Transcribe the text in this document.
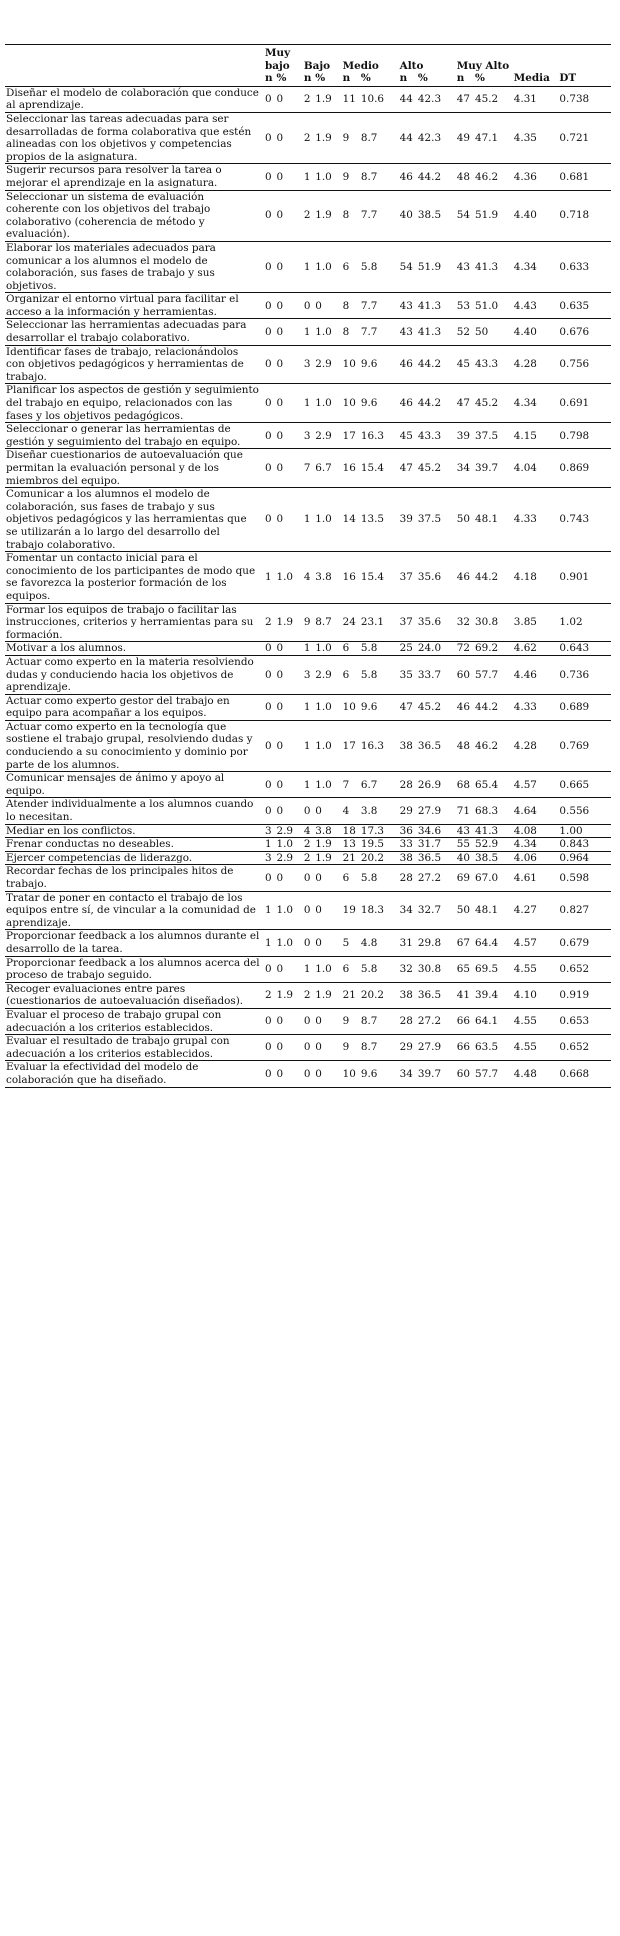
	Muy bajo		Bajo		Medio		Alto		Muy Alto			
	n	%	n	%	n	%	n	%	n	%	Media	DT
Diseñar el modelo de colaboración que conduce al aprendizaje.	0	0	2	1.9	11	10.6	44	42.3	47	45.2	4.31	0.738
Seleccionar las tareas adecuadas para ser desarrolladas de forma colaborativa que estén alineadas con los objetivos y competencias propios de la asignatura.	0	0	2	1.9	9	8.7	44	42.3	49	47.1	4.35	0.721
Sugerir recursos para resolver la tarea o mejorar el aprendizaje en la asignatura.	0	0	1	1.0	9	8.7	46	44.2	48	46.2	4.36	0.681
Seleccionar un sistema de evaluación coherente con los objetivos del trabajo colaborativo (coherencia de método y evaluación).	0	0	2	1.9	8	7.7	40	38.5	54	51.9	4.40	0.718
Elaborar los materiales adecuados para comunicar a los alumnos el modelo de colaboración, sus fases de trabajo y sus objetivos.	0	0	1	1.0	6	5.8	54	51.9	43	41.3	4.34	0.633
Organizar el entorno virtual para facilitar el acceso a la información y herramientas.	0	0	0	0	8	7.7	43	41.3	53	51.0	4.43	0.635
Seleccionar las herramientas adecuadas para desarrollar el trabajo colaborativo.	0	0	1	1.0	8	7.7	43	41.3	52	50	4.40	0.676
Identificar fases de trabajo, relacionándolos con objetivos pedagógicos y herramientas de trabajo.	0	0	3	2.9	10	9.6	46	44.2	45	43.3	4.28	0.756
Planificar los aspectos de gestión y seguimiento del trabajo en equipo, relacionados con las fases y los objetivos pedagógicos.	0	0	1	1.0	10	9.6	46	44.2	47	45.2	4.34	0.691
Seleccionar o generar las herramientas de gestión y seguimiento del trabajo en equipo.	0	0	3	2.9	17	16.3	45	43.3	39	37.5	4.15	0.798
Diseñar cuestionarios de autoevaluación que permitan la evaluación personal y de los miembros del equipo.	0	0	7	6.7	16	15.4	47	45.2	34	39.7	4.04	0.869
Comunicar a los alumnos el modelo de colaboración, sus fases de trabajo y sus objetivos pedagógicos y las herramientas que se utilizarán a lo largo del desarrollo del trabajo colaborativo.	0	0	1	1.0	14	13.5	39	37.5	50	48.1	4.33	0.743
Fomentar un contacto inicial para el conocimiento de los participantes de modo que se favorezca la posterior formación de los equipos.	1	1.0	4	3.8	16	15.4	37	35.6	46	44.2	4.18	0.901
Formar los equipos de trabajo o facilitar las instrucciones, criterios y herramientas para su formación.	2	1.9	9	8.7	24	23.1	37	35.6	32	30.8	3.85	1.02
Motivar a los alumnos.	0	0	1	1.0	6	5.8	25	24.0	72	69.2	4.62	0.643
Actuar como experto en la materia resolviendo dudas y conduciendo hacia los objetivos de aprendizaje.	0	0	3	2.9	6	5.8	35	33.7	60	57.7	4.46	0.736
Actuar como experto gestor del trabajo en equipo para acompañar a los equipos.	0	0	1	1.0	10	9.6	47	45.2	46	44.2	4.33	0.689
Actuar como experto en la tecnología que sostiene el trabajo grupal, resolviendo dudas y conduciendo a su conocimiento y dominio por parte de los alumnos.	0	0	1	1.0	17	16.3	38	36.5	48	46.2	4.28	0.769
Comunicar mensajes de ánimo y apoyo al equipo.	0	0	1	1.0	7	6.7	28	26.9	68	65.4	4.57	0.665
Atender individualmente a los alumnos cuando lo necesitan.	0	0	0	0	4	3.8	29	27.9	71	68.3	4.64	0.556
Mediar en los conflictos.	3	2.9	4	3.8	18	17.3	36	34.6	43	41.3	4.08	1.00
Frenar conductas no deseables.	1	1.0	2	1.9	13	19.5	33	31.7	55	52.9	4.34	0.843
Ejercer competencias de liderazgo.	3	2.9	2	1.9	21	20.2	38	36.5	40	38.5	4.06	0.964
Recordar fechas de los principales hitos de trabajo.	0	0	0	0	6	5.8	28	27.2	69	67.0	4.61	0.598
Tratar de poner en contacto el trabajo de los equipos entre sí, de vincular a la comunidad de aprendizaje.	1	1.0	0	0	19	18.3	34	32.7	50	48.1	4.27	0.827
Proporcionar feedback a los alumnos durante el desarrollo de la tarea.	1	1.0	0	0	5	4.8	31	29.8	67	64.4	4.57	0.679
Proporcionar feedback a los alumnos acerca del proceso de trabajo seguido.	0	0	1	1.0	6	5.8	32	30.8	65	69.5	4.55	0.652
Recoger evaluaciones entre pares (cuestionarios de autoevaluación diseñados).	2	1.9	2	1.9	21	20.2	38	36.5	41	39.4	4.10	0.919
Evaluar el proceso de trabajo grupal con adecuación a los criterios establecidos.	0	0	0	0	9	8.7	28	27.2	66	64.1	4.55	0.653
Evaluar el resultado de trabajo grupal con adecuación a los criterios establecidos.	0	0	0	0	9	8.7	29	27.9	66	63.5	4.55	0.652
Evaluar la efectividad del modelo de colaboración que ha diseñado.	0	0	0	0	10	9.6	34	39.7	60	57.7	4.48	0.668
